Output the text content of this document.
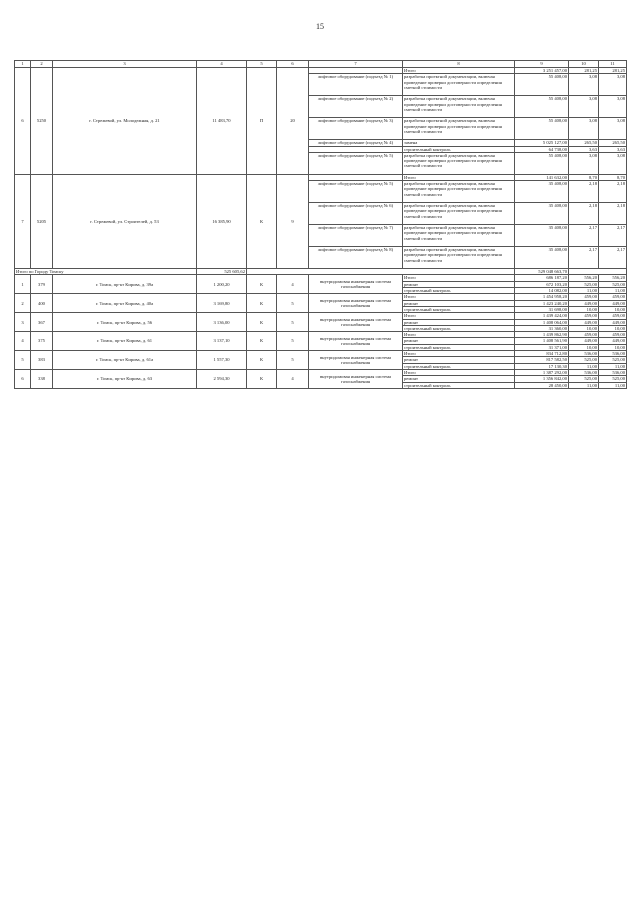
15
1	2	3	4	5	6	7	8	9	10	11
6	5250	г. Стрежевой, ул. Молодежная, д. 21	11 483,70	П	20		Итого	3 251 457,00	281,25	281,25
						лифтовое оборудование (подъезд № 1)	разработка проектной документации, включая проведение проверки достоверности определения сметной стоимости	55 408,00	3,08	3,08
						лифтовое оборудование (подъезд № 2)	разработка проектной документации, включая проведение проверки достоверности определения сметной стоимости	55 408,00	3,08	3,08
						лифтовое оборудование (подъезд № 3)	разработка проектной документации, включая проведение проверки достоверности определения сметной стоимости	55 408,00	3,08	3,08
						лифтовое оборудование (подъезд № 4)	замена	5 025 127,00	265,50	265,50
							строительный контроль	64 738,00	3,63	3,63
						лифтовое оборудование (подъезд № 5)	разработка проектной документации, включая проведение проверки достоверности определения сметной стоимости	55 408,00	3,08	3,08
7	5205	г. Стрежевой, ул. Строителей, д. 53	16 385,90	К	9		Итого	141 632,00	8,70	8,70
						лифтовое оборудование (подъезд № 5)	разработка проектной документации, включая проведение проверки достоверности определения сметной стоимости	35 408,00	2,18	2,18
						лифтовое оборудование (подъезд № 6)	разработка проектной документации, включая проведение проверки достоверности определения сметной стоимости	35 408,00	2,18	2,18
						лифтовое оборудование (подъезд № 7)	разработка проектной документации, включая проведение проверки достоверности определения сметной стоимости	35 408,00	2,17	2,17
						лифтовое оборудование (подъезд № 8)	разработка проектной документации, включая проведение проверки достоверности определения сметной стоимости	35 408,00	2,17	2,17
Итого по Городу Томску			525 605,62					529 048 663,70		
1	379	г. Томск, пр-кт Кирова, д. 39а	1 200,20	К	4	внутридомовая инженерная система газоснабжения	Итого	686 187,20	556,20	556,20
							ремонт	672 103,20	525,00	525,00
							строительный контроль	14 082,00	11,00	11,00
2	400	г. Томск, пр-кт Кирова, д. 40а	3 169,80	К	5	внутридомовая инженерная система газоснабжения	Итого	1 454 958,20	459,00	459,00
							ремонт	1 423 240,20	449,00	449,00
							строительный контроль	31 698,00	10,00	10,00
3	367	г. Томск, пр-кт Кирова, д. 56	3 136,00	К	5	внутридомовая инженерная система газоснабжения	Итого	1 439 424,00	459,00	459,00
							ремонт	1 408 064,00	449,00	449,00
							строительный контроль	31 360,00	10,00	10,00
4	375	г. Томск, пр-кт Кирова, д. 61	3 137,10	К	5	внутридомовая инженерная система газоснабжения	Итого	1 439 862,90	459,00	459,00
							ремонт	1 408 561,90	449,00	449,00
							строительный контроль	31 371,00	10,00	10,00
5	383	г. Томск, пр-кт Кирова, д. 61а	1 557,30	К	5	внутридомовая инженерная система газоснабжения	Итого	834 712,80	536,00	536,00
							ремонт	817 582,50	525,00	525,00
							строительный контроль	17 130,30	11,00	11,00
6	338	г. Томск, пр-кт Кирова, д. 63	2 594,30	К	4	внутридомовая инженерная система газоснабжения	Итого	1 387 292,00	536,00	536,00
							ремонт	1 356 842,00	525,00	525,00
							строительный контроль	28 450,00	11,00	11,00
